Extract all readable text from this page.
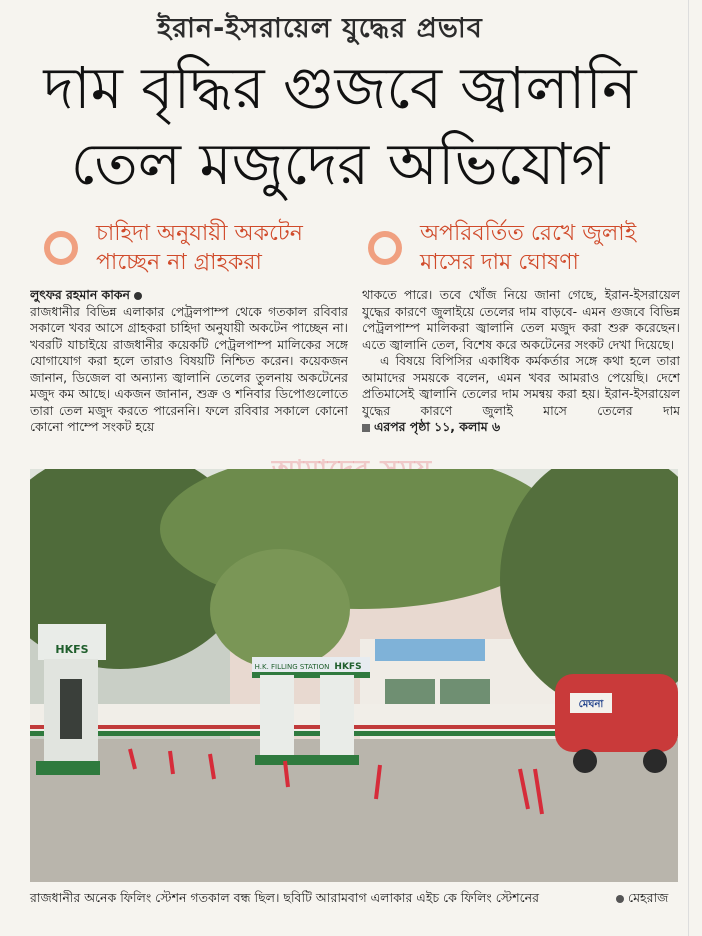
ইরান-ইসরায়েল যুদ্ধের প্রভাব
দাম বৃদ্ধির গুজবে জ্বালানি
তেল মজুদের অভিযোগ
চাহিদা অনুযায়ী অকটেন
পাচ্ছেন না গ্রাহকরা
অপরিবর্তিত রেখে জুলাই
মাসের দাম ঘোষণা
লুৎফর রহমান কাকন

রাজধানীর বিভিন্ন এলাকার পেট্রলপাম্প থেকে গতকাল রবিবার সকালে খবর আসে গ্রাহকরা চাহিদা অনুযায়ী অকটেন পাচ্ছেন না। খবরটি যাচাইয়ে রাজধানীর কয়েকটি পেট্রলপাম্প মালিকের সঙ্গে যোগাযোগ করা হলে তারাও বিষয়টি নিশ্চিত করেন। কয়েকজন জানান, ডিজেল বা অন্যান্য জ্বালানি তেলের তুলনায় অকটেনের মজুদ কম আছে। একজন জানান, শুক্র ও শনিবার ডিপোগুলোতে তারা তেল মজুদ করতে পারেননি। ফলে রবিবার সকালে কোনো কোনো পাম্পে সংকট হয়ে

থাকতে পারে। তবে খোঁজ নিয়ে জানা গেছে, ইরান-ইসরায়েল যুদ্ধের কারণে জুলাইয়ে তেলের দাম বাড়বে- এমন গুজবে বিভিন্ন পেট্রলপাম্প মালিকরা জ্বালানি তেল মজুদ করা শুরু করেছেন। এতে জ্বালানি তেল, বিশেষ করে অকটেনের সংকট দেখা দিয়েছে।

এ বিষয়ে বিপিসির একাধিক কর্মকর্তার সঙ্গে কথা হলে তারা আমাদের সময়কে বলেন, এমন খবর আমরাও পেয়েছি। দেশে প্রতিমাসেই জ্বালানি তেলের দাম সমন্বয় করা হয়। ইরান-ইসরায়েল যুদ্ধের কারণে জুলাই মাসে তেলের দাম এরপর পৃষ্ঠা ১১, কলাম ৬

HKFS
HKFS
H.K. FILLING STATION
মেঘনা
রাজধানীর অনেক ফিলিং স্টেশন গতকাল বন্ধ ছিল। ছবিটি আরামবাগ এলাকার এইচ কে ফিলিং স্টেশনের	মেহরাজ
